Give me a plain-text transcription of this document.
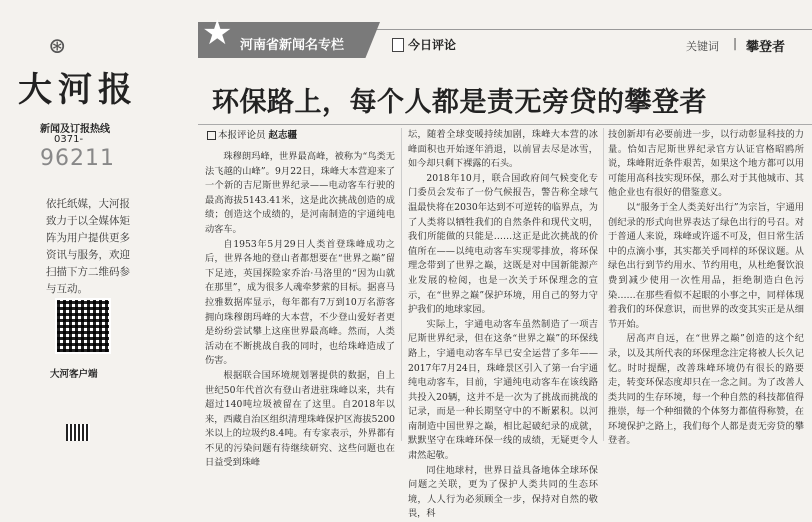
⊛
大河报
新闻及订报热线
0371-
96211
依托纸媒，大河报致力于以全媒体矩阵为用户提供更多资讯与服务，欢迎扫描下方二维码参与互动。
大河客户端
★ 河南省新闻名专栏	今日评论	关键词 | 攀登者
环保路上，每个人都是责无旁贷的攀登者
本报评论员 赵志疆

珠穆朗玛峰，世界最高峰，被称为“鸟类无法飞越的山峰”。9月22日，珠峰大本营迎来了一个新的吉尼斯世界纪录——电动客车行驶的最高海拔5143.41米，这是此次挑战创造的成绩；创造这个成绩的，是河南制造的宇通纯电动客车。

自1953年5月29日人类首登珠峰成功之后，世界各地的登山者都想要在“世界之巅”留下足迹，英国探险家乔治·马洛里的“因为山就在那里”，成为很多人魂牵梦萦的目标。据喜马拉雅数据库显示，每年都有7万到10万名游客拥向珠穆朗玛峰的大本营，不少登山爱好者更是纷纷尝试攀上这座世界最高峰。然而，人类活动在不断挑战自我的同时，也给珠峰造成了伤害。

根据联合国环境规划署提供的数据，自上世纪50年代首次有登山者进驻珠峰以来，共有超过140吨垃圾被留在了这里。自2018年以来，西藏自治区组织清理珠峰保护区海拔5200米以上的垃圾约8.4吨。有专家表示，外界都有不见的污染问题有待继续研究、这些问题也在日益受到珠峰

坛，随着全球变暖持续加剧，珠峰大本营的冰峰面积也开始逐年消退，以前冒去尽是冰雪，如今却只剩下裸露的石头。

2018年10月，联合国政府间气候变化专门委员会发布了一份气候报告，警告称全球气温最快将在2030年达到不可逆转的临界点，为了人类将以牺牲我们的自然条件和现代文明，我们所能做的只能是……这正是此次挑战的价值所在——以纯电动客车实现零排放，将环保理念带到了世界之巅，这既是对中国新能源产业发展的检阅，也是一次关于环保理念的宣示，在“世界之巅”保护环境，用自己的努力守护我们的地球家园。

实际上，宇通电动客车虽然制造了一项吉尼斯世界纪录，但在这条“世界之巅”的环保线路上，宇通电动客车早已安全运营了多年——2017年7月24日，珠峰景区引入了第一台宇通纯电动客车，目前，宇通纯电动客车在该线路共投入20辆，这并不是一次为了挑战而挑战的记录，而是一种长期坚守中的不断累积。以河南制造中国世界之巅，相比起破纪录的成就，默默坚守在珠峰环保一线的成绩，无疑更令人肃然起敬。

同住地球村，世界日益具备地体全球环保问题之关联，更为了保护人类共同的生态环境，人人行为必须顾全一步，保持对自然的敬畏，科

技创新却有必要前进一步，以行动彰显科技的力量。恰如吉尼斯世界纪录官方认证官格昭鸥所说，珠峰附近条件艰苦，如果这个地方都可以用可能用高科技实现环保，那么对于其他城市、其他企业也有很好的借鉴意义。

以“服务于全人类美好出行”为宗旨，宇通用创纪录的形式向世界表达了绿色出行的号召。对于普通人来说，珠峰或许遥不可及，但日常生活中的点滴小事，其实都关乎同样的环保议题。从绿色出行到节约用水、节约用电，从杜绝餐饮浪费到减少使用一次性用品，拒绝制造白色污染……在那些看似不起眼的小事之中，同样体现着我们的环保意识，而世界的改变其实正是从细节开始。

居高声自远，在“世界之巅”创造的这个纪录，以及其所代表的环保理念注定将被人长久记忆。时时提醒，改善珠峰环境仍有很长的路要走，转变环保态度却只在一念之间。为了改善人类共同的生存环境，每一个种自然的科技都值得推崇，每一个种细微的个体努力都值得称赞，在环境保护之路上，我们每个人都是责无旁贷的攀登者。
